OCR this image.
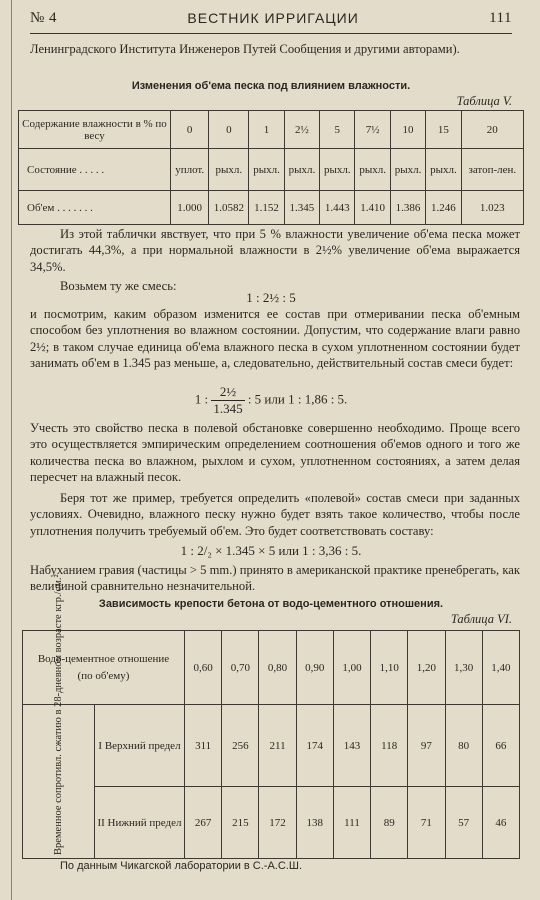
№ 4	ВЕСТНИК ИРРИГАЦИИ	111
Ленинградского Института Инженеров Путей Сообщения и другими авторами).
Изменения об'ема песка под влиянием влажности.
Таблица V.
Содержание влажности в % по весу	0	0	1	2½	5	7½	10	15	20
Состояние . . . . .	уплот.	рыхл.	рыхл.	рыхл.	рыхл.	рыхл.	рыхл.	рыхл.	затоп-лен.
Об'ем . . . . . . .	1.000	1.0582	1.152	1.345	1.443	1.410	1.386	1.246	1.023
Из этой таблички явствует, что при 5 % влажности увеличение об'ема песка может достигать 44,3%, а при нормальной влажности в 2½% увеличение об'ема выражается 34,5%.
Возьмем ту же смесь:
1 : 2½ : 5
и посмотрим, каким образом изменится ее состав при отмеривании песка об'емным способом без уплотнения во влажном состоянии. Допустим, что содержание влаги равно 2½; в таком случае единица об'ема влажного песка в сухом уплотненном состоянии будет занимать об'ем в 1.345 раз меньше, а, следовательно, действительный состав смеси будет:
1 : $\frac{\text{2½}}{1.345}$ : 5 или 1 : 1,86 : 5.
Учесть это свойство песка в полевой обстановке совершенно необходимо. Проще всего это осуществляется эмпирическим определением соотношения об'емов одного и того же количества песка во влажном, рыхлом и сухом, уплотненном состояниях, а затем делая пересчет на влажный песок.
Беря тот же пример, требуется определить «полевой» состав смеси при заданных условиях. Очевидно, влажного песку нужно будет взять такое количество, чтобы после уплотнения получить требуемый об'ем. Это будет соответствовать составу:
1 : 2/₂ × 1.345 × 5 или 1 : 3,36 : 5.
Набуханием гравия (частицы > 5 mm.) принято в американской практике пренебрегать, как величиной сравнительно незначительной.
Зависимость крепости бетона от водо-цементного отношения.
Таблица VI.
Водо-цементное отношение (по об'ему)		0,60	0,70	0,80	0,90	1,00	1,10	1,20	1,30	1,40
Временное сопротивл. сжатию в 28-дневном возрасте кгр./см.²	I Верхний предел	311	256	211	174	143	118	97	80	66
	II Нижний предел	267	215	172	138	111	89	71	57	46
По данным Чикагской лаборатории в С.-А.С.Ш.
